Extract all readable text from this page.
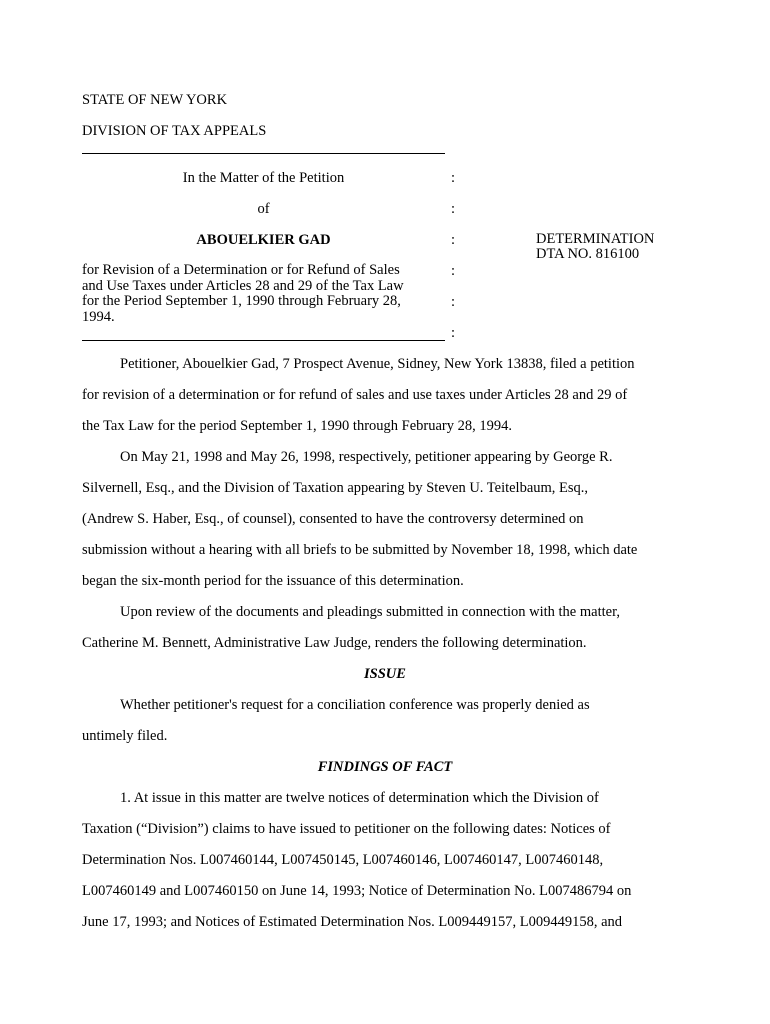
STATE OF NEW YORK
DIVISION OF TAX APPEALS
In the Matter of the Petition
of
ABOUELKIER GAD
for Revision of a Determination or for Refund of Sales and Use Taxes under Articles 28 and 29 of the Tax Law for the Period September 1, 1990 through February 28, 1994.
:
:
:
:
:
:
DETERMINATION
DTA NO. 816100
Petitioner, Abouelkier Gad, 7 Prospect Avenue, Sidney, New York 13838, filed a petition
for revision of a determination or for refund of sales and use taxes under Articles 28 and 29 of
the Tax Law for the period September 1, 1990 through February 28, 1994.
On May 21, 1998 and May 26, 1998, respectively, petitioner appearing by George R.
Silvernell, Esq., and the Division of Taxation appearing by Steven U. Teitelbaum, Esq.,
(Andrew S. Haber, Esq., of counsel), consented to have the controversy determined on
submission without a hearing with all briefs to be submitted by November 18, 1998, which date
began the six-month period for the issuance of this determination.
Upon review of the documents and pleadings submitted in connection with the matter,
Catherine M. Bennett, Administrative Law Judge, renders the following determination.
ISSUE
Whether petitioner's request for a conciliation conference was properly denied as
untimely filed.
FINDINGS OF FACT
1. At issue in this matter are twelve notices of determination which the Division of
Taxation (“Division”) claims to have issued to petitioner on the following dates: Notices of
Determination Nos. L007460144, L007450145, L007460146, L007460147, L007460148,
L007460149 and L007460150 on June 14, 1993; Notice of Determination No. L007486794 on
June 17, 1993; and Notices of Estimated Determination Nos. L009449157, L009449158, and
